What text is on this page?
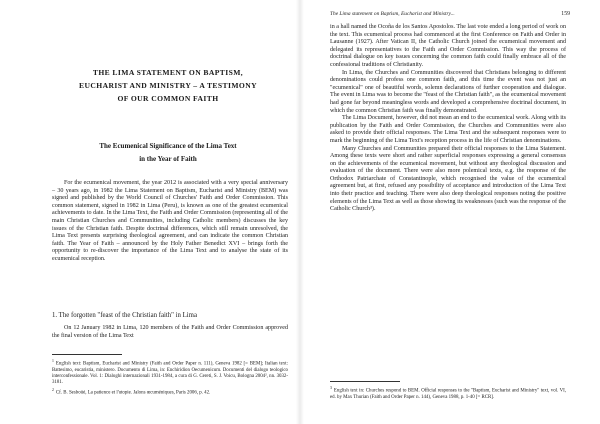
THE LIMA STATEMENT ON BAPTISM,
EUCHARIST AND MINISTRY – A TESTIMONY
OF OUR COMMON FAITH
The Ecumenical Significance of the Lima Text
in the Year of Faith

For the ecumenical movement, the year 2012 is associated with a very special anniversary – 30 years ago, in 1982 the Lima Statement on Baptism, Eucharist and Ministry (BEM) was signed and published by the World Council of Churches' Faith and Order Commission. This common statement, signed in 1982 in Lima (Peru), is known as one of the greatest ecumenical achievements to date. In the Lima Text, the Faith and Order Commission (representing all of the main Christian Churches and Communities, including Catholic members) discusses the key issues of the Christian faith. Despite doctrinal differences, which still remain unresolved, the Lima Text presents surprising theological agreement, and can indicate the common Christian faith. The Year of Faith – announced by the Holy Father Benedict XVI – brings forth the opportunity to re-discover the importance of the Lima Text and to analyse the state of its ecumenical reception.

1. The forgotten "feast of the Christian faith" in Lima

On 12 January 1982 in Lima, 120 members of the Faith and Order Commission approved the final version of the Lima Text

$^1$English text: Baptism, Eucharist and Ministry (Faith and Order Paper n. 111), Geneva 1982 [= BEM]; Italian text: Battesimo, eucaristia, ministero. Documento di Lima, in: Enchiridion Oecumenicum. Documenti del dialogo teologico interconfessionale. Vol. 1: Dialoghi internazionali 1931-1984, a cura di G. Cereti, S. J. Voicu, Bologna 2004², nn. 3032-3181.
$^2$Cf. B. Sesboüé, La patience et l'utopie. Jalons œcuméniques, Paris 2006, p. 42.
The Lima statement on Baptism, Eucharist and Ministry...	159

in a hall named the Ocoña de los Santos Apostolos. The last vote ended a long period of work on the text. This ecumenical process had commenced at the first Conference on Faith and Order in Lausanne (1927). After Vatican II, the Catholic Church joined the ecumenical movement and delegated its representatives to the Faith and Order Commission. This way the process of doctrinal dialogue on key issues concerning the common faith could finally embrace all of the confessional traditions of Christianity.

In Lima, the Churches and Communities discovered that Christians belonging to different denominations could profess one common faith, and this time the event was not just an "ecumenical" one of beautiful words, solemn declarations of further cooperation and dialogue. The event in Lima was to become the "feast of the Christian faith", as the ecumenical movement had gone far beyond meaningless words and developed a comprehensive doctrinal document, in which the common Christian faith was finally demonstrated.

The Lima Document, however, did not mean an end to the ecumenical work. Along with its publication by the Faith and Order Commission, the Churches and Communities were also asked to provide their official responses. The Lima Text and the subsequent responses were to mark the beginning of the Lima Text's reception process in the life of Christian denominations.

Many Churches and Communities prepared their official responses to the Lima Statement. Among these texts were short and rather superficial responses expressing a general consensus on the achievements of the ecumenical movement, but without any theological discussion and evaluation of the document. There were also more polemical texts, e.g. the response of the Orthodox Patriarchate of Constantinople, which recognised the value of the ecumenical agreement but, at first, refused any possibility of acceptance and introduction of the Lima Text into their practice and teaching. There were also deep theological responses noting the positive elements of the Lima Text as well as those showing its weaknesses (such was the response of the Catholic Church³).

$^3$English text in: Churches respond to BEM. Official responses to the "Baptism, Eucharist and Ministry" text, vol. VI, ed. by Max Thurian (Faith and Order Paper n. 144), Geneva 1988, p. 1-40 [= RCR].
